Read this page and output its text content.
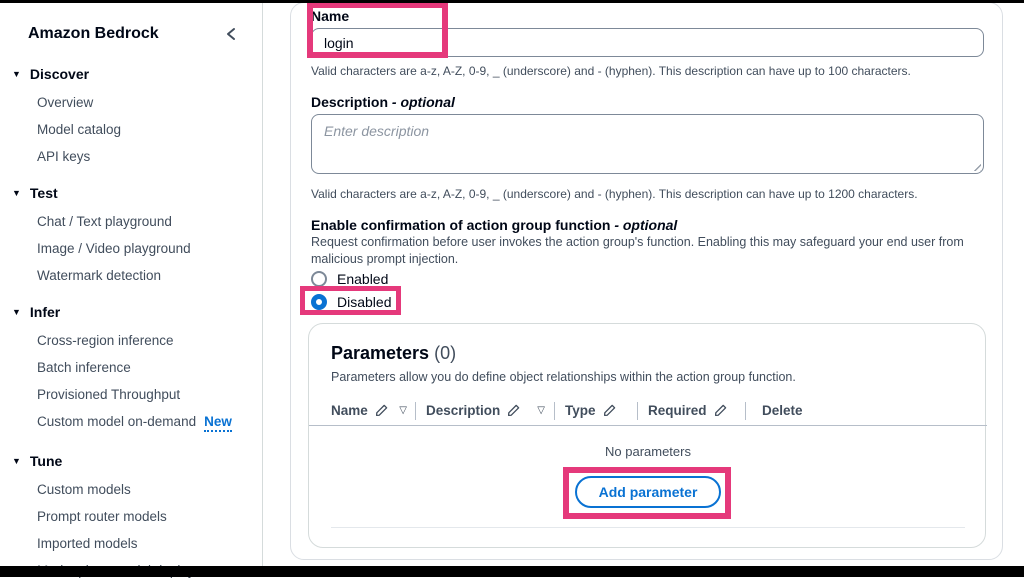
Amazon Bedrock
▼ Discover
Overview
Model catalog
API keys
▼ Test
Chat / Text playground
Image / Video playground
Watermark detection
▼ Infer
Cross-region inference
Batch inference
Provisioned Throughput
Custom model on-demand New
▼ Tune
Custom models
Prompt router models
Imported models
Name
login
Valid characters are a-z, A-Z, 0-9, _ (underscore) and - (hyphen). This description can have up to 100 characters.
Description - optional
Enter description
Valid characters are a-z, A-Z, 0-9, _ (underscore) and - (hyphen). This description can have up to 1200 characters.
Enable confirmation of action group function - optional
Request confirmation before user invokes the action group's function. Enabling this may safeguard your end user from malicious prompt injection.
Enabled
Disabled
Parameters (0)
Parameters allow you do define object relationships within the action group function.
Name	▽ Description	▽ Type	Required	Delete
No parameters
Add parameter
